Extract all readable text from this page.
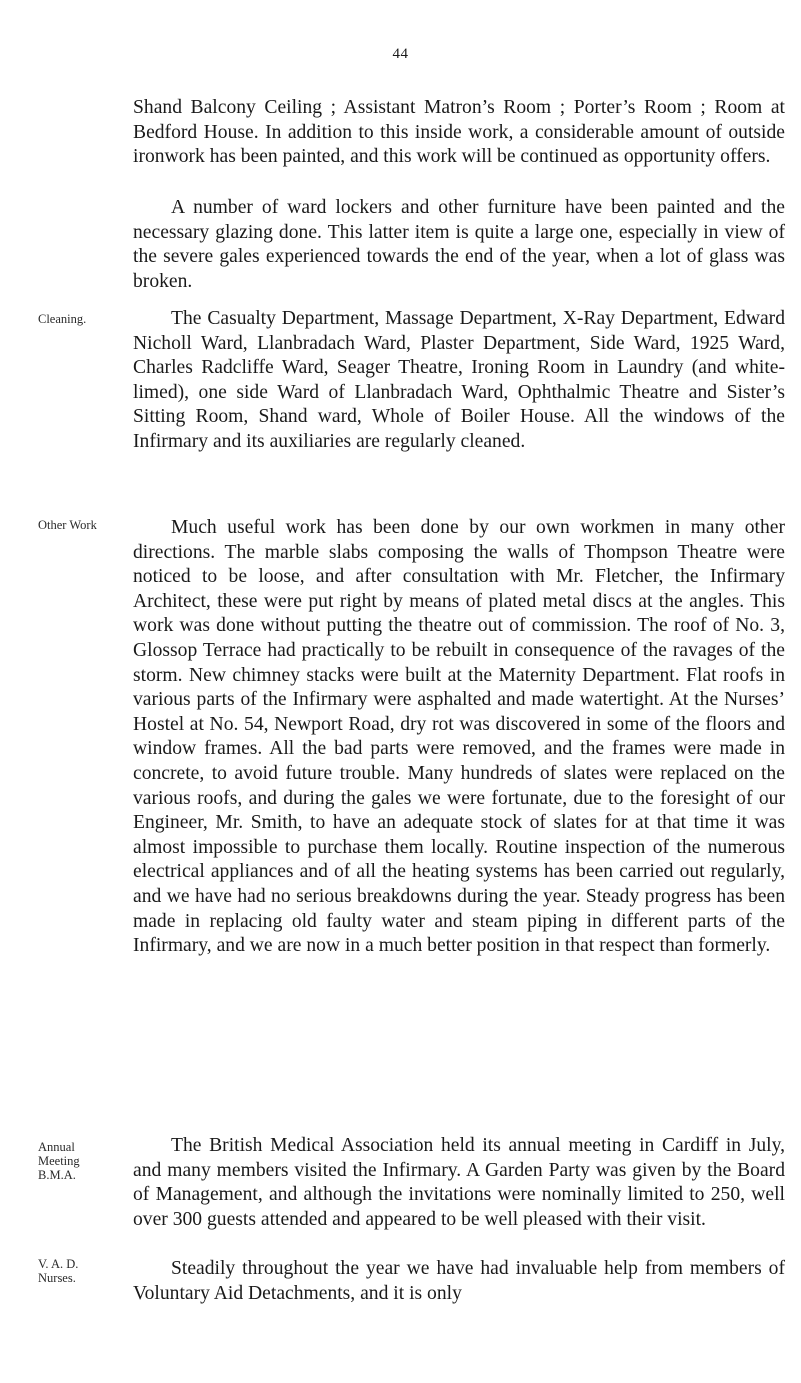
44

Shand Balcony Ceiling ; Assistant Matron’s Room ; Porter’s Room ; Room at Bedford House. In addition to this inside work, a considerable amount of outside ironwork has been painted, and this work will be continued as opportunity offers.

A number of ward lockers and other furniture have been painted and the necessary glazing done. This latter item is quite a large one, especially in view of the severe gales experienced towards the end of the year, when a lot of glass was broken.

Cleaning.	The Casualty Department, Massage Department, X-Ray Department, Edward Nicholl Ward, Llanbradach Ward, Plaster Department, Side Ward, 1925 Ward, Charles Radcliffe Ward, Seager Theatre, Ironing Room in Laundry (and white-limed), one side Ward of Llanbradach Ward, Ophthalmic Theatre and Sister’s Sitting Room, Shand ward, Whole of Boiler House. All the windows of the Infirmary and its auxiliaries are regularly cleaned.

Other Work	Much useful work has been done by our own workmen in many other directions. The marble slabs composing the walls of Thompson Theatre were noticed to be loose, and after consultation with Mr. Fletcher, the Infirmary Architect, these were put right by means of plated metal discs at the angles. This work was done without putting the theatre out of commission. The roof of No. 3, Glossop Terrace had practically to be rebuilt in consequence of the ravages of the storm. New chimney stacks were built at the Maternity Department. Flat roofs in various parts of the Infirmary were asphalted and made watertight. At the Nurses’ Hostel at No. 54, Newport Road, dry rot was discovered in some of the floors and window frames. All the bad parts were removed, and the frames were made in concrete, to avoid future trouble. Many hundreds of slates were replaced on the various roofs, and during the gales we were fortunate, due to the foresight of our Engineer, Mr. Smith, to have an adequate stock of slates for at that time it was almost impossible to purchase them locally. Routine inspection of the numerous electrical appliances and of all the heating systems has been carried out regularly, and we have had no serious breakdowns during the year. Steady progress has been made in replacing old faulty water and steam piping in different parts of the Infirmary, and we are now in a much better position in that respect than formerly.

Annual
Meeting
B.M.A.

The British Medical Association held its annual meeting in Cardiff in July, and many members visited the Infirmary. A Garden Party was given by the Board of Management, and although the invitations were nominally limited to 250, well over 300 guests attended and appeared to be well pleased with their visit.

V. A. D.
Nurses.	Steadily throughout the year we have had invaluable help from members of Voluntary Aid Detachments, and it is only
